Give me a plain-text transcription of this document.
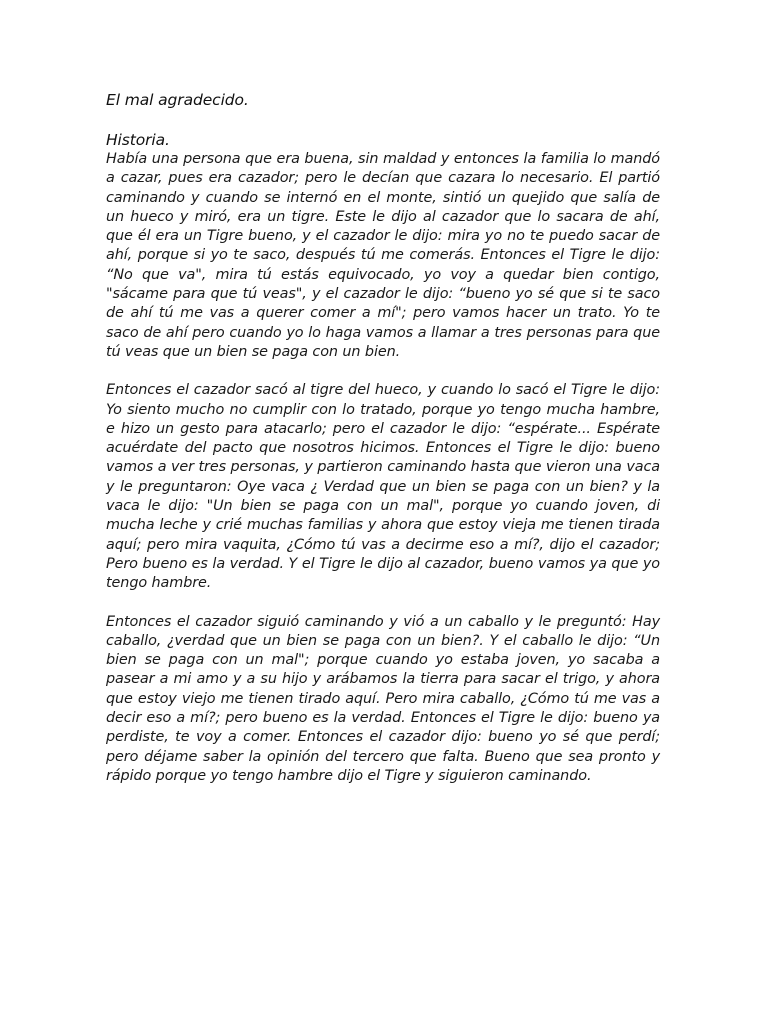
El mal agradecido.
Historia.

Había una persona que era buena, sin maldad y entonces la familia lo mandó a cazar, pues era cazador; pero le decían que cazara lo necesario. El partió caminando y cuando se internó en el monte, sintió un quejido que salía de un hueco y miró, era un tigre. Este le dijo al cazador que lo sacara de ahí, que él era un Tigre bueno, y el cazador le dijo: mira yo no te puedo sacar de ahí, porque si yo te saco, después tú me comerás. Entonces el Tigre le dijo: “No que va", mira tú estás equivocado, yo voy a quedar bien contigo, "sácame para que tú veas", y el cazador le dijo: “bueno yo sé que si te saco de ahí tú me vas a querer comer a mí"; pero vamos hacer un trato. Yo te saco de ahí pero cuando yo lo haga vamos a llamar a tres personas para que tú veas que un bien se paga con un bien.

Entonces el cazador sacó al tigre del hueco, y cuando lo sacó el Tigre le dijo: Yo siento mucho no cumplir con lo tratado, porque yo tengo mucha hambre, e hizo un gesto para atacarlo; pero el cazador le dijo: “espérate... Espérate acuérdate del pacto que nosotros hicimos. Entonces el Tigre le dijo: bueno vamos a ver tres personas, y partieron caminando hasta que vieron una vaca y le preguntaron: Oye vaca ¿ Verdad que un bien se paga con un bien? y la vaca le dijo: "Un bien se paga con un mal", porque yo cuando joven, di mucha leche y crié muchas familias y ahora que estoy vieja me tienen tirada aquí; pero mira vaquita, ¿Cómo tú vas a decirme eso a mí?, dijo el cazador; Pero bueno es la verdad. Y el Tigre le dijo al cazador, bueno vamos ya que yo tengo hambre.

Entonces el cazador siguió caminando y vió a un caballo y le preguntó: Hay caballo, ¿verdad que un bien se paga con un bien?. Y el caballo le dijo: “Un bien se paga con un mal"; porque cuando yo estaba joven, yo sacaba a pasear a mi amo y a su hijo y arábamos la tierra para sacar el trigo, y ahora que estoy viejo me tienen tirado aquí. Pero mira caballo, ¿Cómo tú me vas a decir eso a mí?; pero bueno es la verdad. Entonces el Tigre le dijo: bueno ya perdiste, te voy a comer. Entonces el cazador dijo: bueno yo sé que perdí; pero déjame saber la opinión del tercero que falta. Bueno que sea pronto y rápido porque yo tengo hambre dijo el Tigre y siguieron caminando.
